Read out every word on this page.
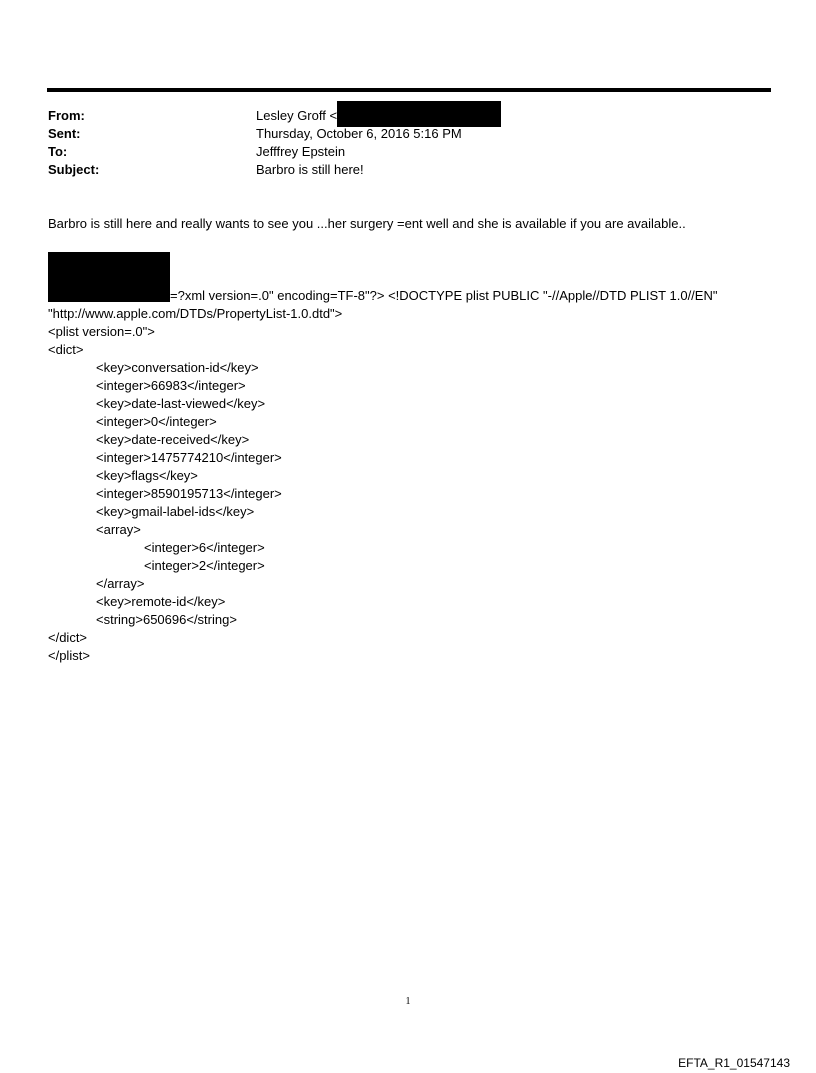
From:	Lesley Groff <
Sent:	Thursday, October 6, 2016 5:16 PM
To:	Jefffrey Epstein
Subject:	Barbro is still here!
Barbro is still here and really wants to see you ...her surgery =ent well and she is available if you are available..

=?xml version=.0" encoding=TF-8"?> <!DOCTYPE plist PUBLIC "-//Apple//DTD PLIST 1.0//EN"

"http://www.apple.com/DTDs/PropertyList-1.0.dtd">

<plist version=.0">

<dict>

<key>conversation-id</key>

<integer>66983</integer>

<key>date-last-viewed</key>

<integer>0</integer>

<key>date-received</key>

<integer>1475774210</integer>

<key>flags</key>

<integer>8590195713</integer>

<key>gmail-label-ids</key>

<array>

<integer>6</integer>

<integer>2</integer>

</array>

<key>remote-id</key>

<string>650696</string>

</dict>

</plist>

1
EFTA_R1_01547143
